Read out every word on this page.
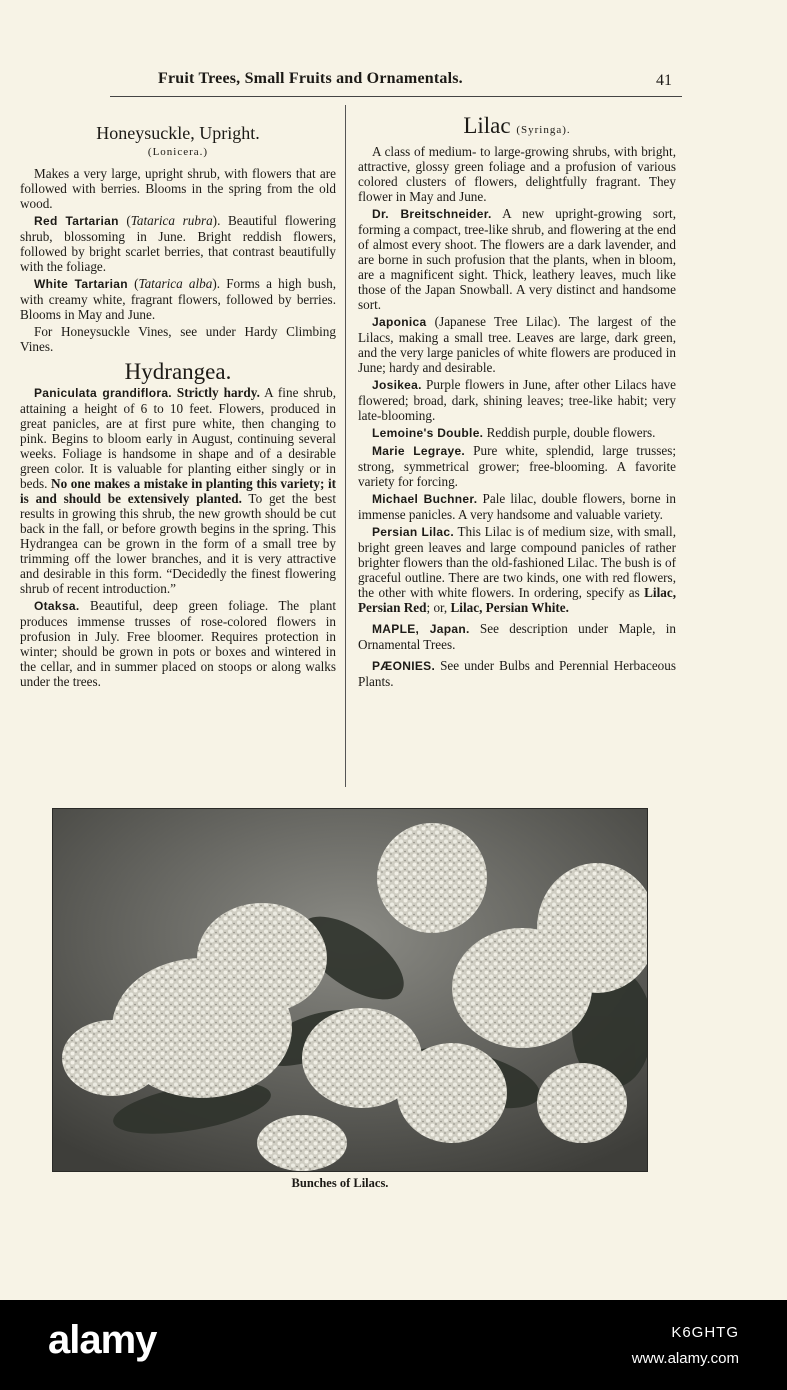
Fruit Trees, Small Fruits and Ornamentals.	41
Honeysuckle, Upright.
(Lonicera.)

Makes a very large, upright shrub, with flowers that are followed with berries. Blooms in the spring from the old wood.

Red Tartarian (Tatarica rubra). Beautiful flowering shrub, blossoming in June. Bright reddish flowers, followed by bright scarlet berries, that contrast beautifully with the foliage.

White Tartarian (Tatarica alba). Forms a high bush, with creamy white, fragrant flowers, followed by berries. Blooms in May and June.

For Honeysuckle Vines, see under Hardy Climbing Vines.

Hydrangea.

Paniculata grandiflora. Strictly hardy. A fine shrub, attaining a height of 6 to 10 feet. Flowers, produced in great panicles, are at first pure white, then changing to pink. Begins to bloom early in August, continuing several weeks. Foliage is handsome in shape and of a desirable green color. It is valuable for planting either singly or in beds. No one makes a mistake in planting this variety; it is and should be extensively planted. To get the best results in growing this shrub, the new growth should be cut back in the fall, or before growth begins in the spring. This Hydrangea can be grown in the form of a small tree by trimming off the lower branches, and it is very attractive and desirable in this form. “Decidedly the finest flowering shrub of recent introduction.”

Otaksa. Beautiful, deep green foliage. The plant produces immense trusses of rose-colored flowers in profusion in July. Free bloomer. Requires protection in winter; should be grown in pots or boxes and wintered in the cellar, and in summer placed on stoops or along walks under the trees.

Lilac (Syringa).

A class of medium- to large-growing shrubs, with bright, attractive, glossy green foliage and a profusion of various colored clusters of flowers, delightfully fragrant. They flower in May and June.

Dr. Breitschneider. A new upright-growing sort, forming a compact, tree-like shrub, and flowering at the end of almost every shoot. The flowers are a dark lavender, and are borne in such profusion that the plants, when in bloom, are a magnificent sight. Thick, leathery leaves, much like those of the Japan Snowball. A very distinct and handsome sort.

Japonica (Japanese Tree Lilac). The largest of the Lilacs, making a small tree. Leaves are large, dark green, and the very large panicles of white flowers are produced in June; hardy and desirable.

Josikea. Purple flowers in June, after other Lilacs have flowered; broad, dark, shining leaves; tree-like habit; very late-blooming.

Lemoine's Double. Reddish purple, double flowers.

Marie Legraye. Pure white, splendid, large trusses; strong, symmetrical grower; free-blooming. A favorite variety for forcing.

Michael Buchner. Pale lilac, double flowers, borne in immense panicles. A very handsome and valuable variety.

Persian Lilac. This Lilac is of medium size, with small, bright green leaves and large compound panicles of rather brighter flowers than the old-fashioned Lilac. The bush is of graceful outline. There are two kinds, one with red flowers, the other with white flowers. In ordering, specify as Lilac, Persian Red; or, Lilac, Persian White.

MAPLE, Japan. See description under Maple, in Ornamental Trees.

PÆONIES. See under Bulbs and Perennial Herbaceous Plants.

Bunches of Lilacs.
alamy	K6GHTG
www.alamy.com
